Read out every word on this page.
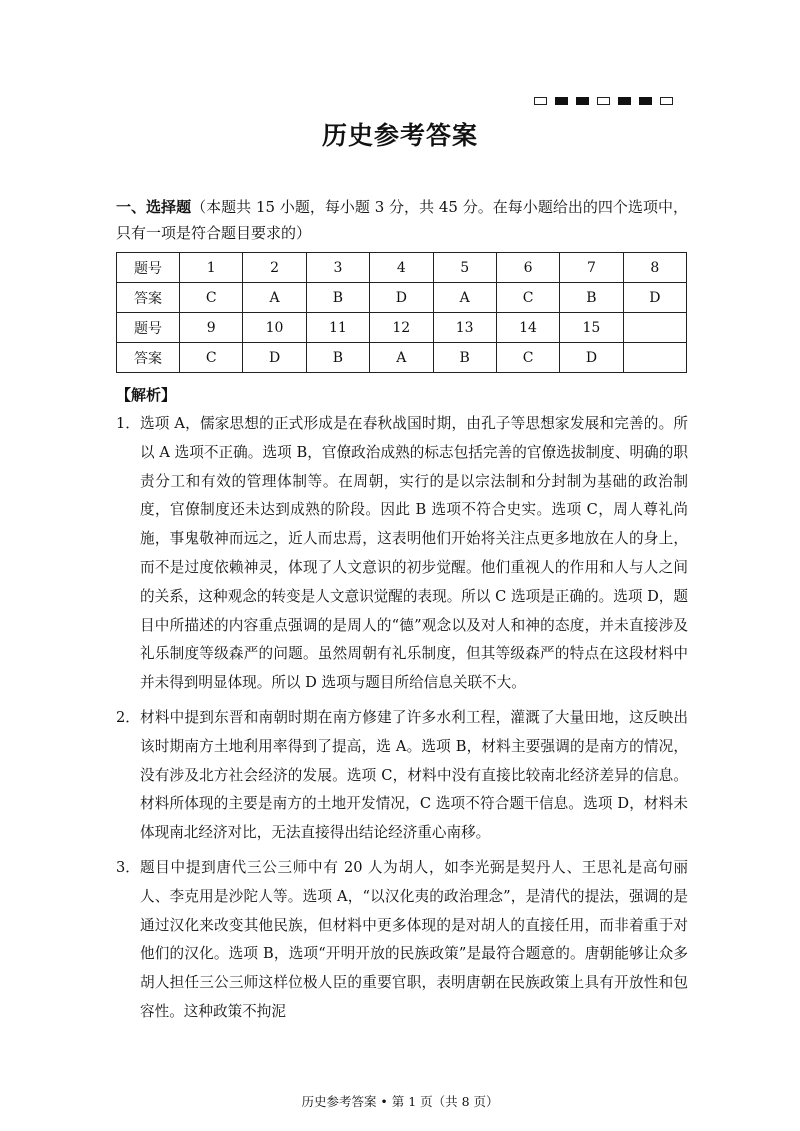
历史参考答案
一、选择题（本题共 15 小题，每小题 3 分，共 45 分。在每小题给出的四个选项中，只有一项是符合题目要求的）
题号	1	2	3	4	5	6	7	8
答案	C	A	B	D	A	C	B	D
题号	9	10	11	12	13	14	15	
答案	C	D	B	A	B	C	D	
【解析】
1． 选项 A，儒家思想的正式形成是在春秋战国时期，由孔子等思想家发展和完善的。所以 A 选项不正确。选项 B，官僚政治成熟的标志包括完善的官僚选拔制度、明确的职责分工和有效的管理体制等。在周朝，实行的是以宗法制和分封制为基础的政治制度，官僚制度还未达到成熟的阶段。因此 B 选项不符合史实。选项 C，周人尊礼尚施，事鬼敬神而远之，近人而忠焉，这表明他们开始将关注点更多地放在人的身上，而不是过度依赖神灵，体现了人文意识的初步觉醒。他们重视人的作用和人与人之间的关系，这种观念的转变是人文意识觉醒的表现。所以 C 选项是正确的。选项 D，题目中所描述的内容重点强调的是周人的“德”观念以及对人和神的态度，并未直接涉及礼乐制度等级森严的问题。虽然周朝有礼乐制度，但其等级森严的特点在这段材料中并未得到明显体现。所以 D 选项与题目所给信息关联不大。
2． 材料中提到东晋和南朝时期在南方修建了许多水利工程，灌溉了大量田地，这反映出该时期南方土地利用率得到了提高，选 A。选项 B，材料主要强调的是南方的情况，没有涉及北方社会经济的发展。选项 C，材料中没有直接比较南北经济差异的信息。材料所体现的主要是南方的土地开发情况，C 选项不符合题干信息。选项 D，材料未体现南北经济对比，无法直接得出结论经济重心南移。
3． 题目中提到唐代三公三师中有 20 人为胡人，如李光弼是契丹人、王思礼是高句丽人、李克用是沙陀人等。选项 A，“以汉化夷的政治理念”，是清代的提法，强调的是通过汉化来改变其他民族，但材料中更多体现的是对胡人的直接任用，而非着重于对他们的汉化。选项 B，选项“开明开放的民族政策”是最符合题意的。唐朝能够让众多胡人担任三公三师这样位极人臣的重要官职，表明唐朝在民族政策上具有开放性和包容性。这种政策不拘泥
历史参考答案 • 第 1 页（共 8 页）
